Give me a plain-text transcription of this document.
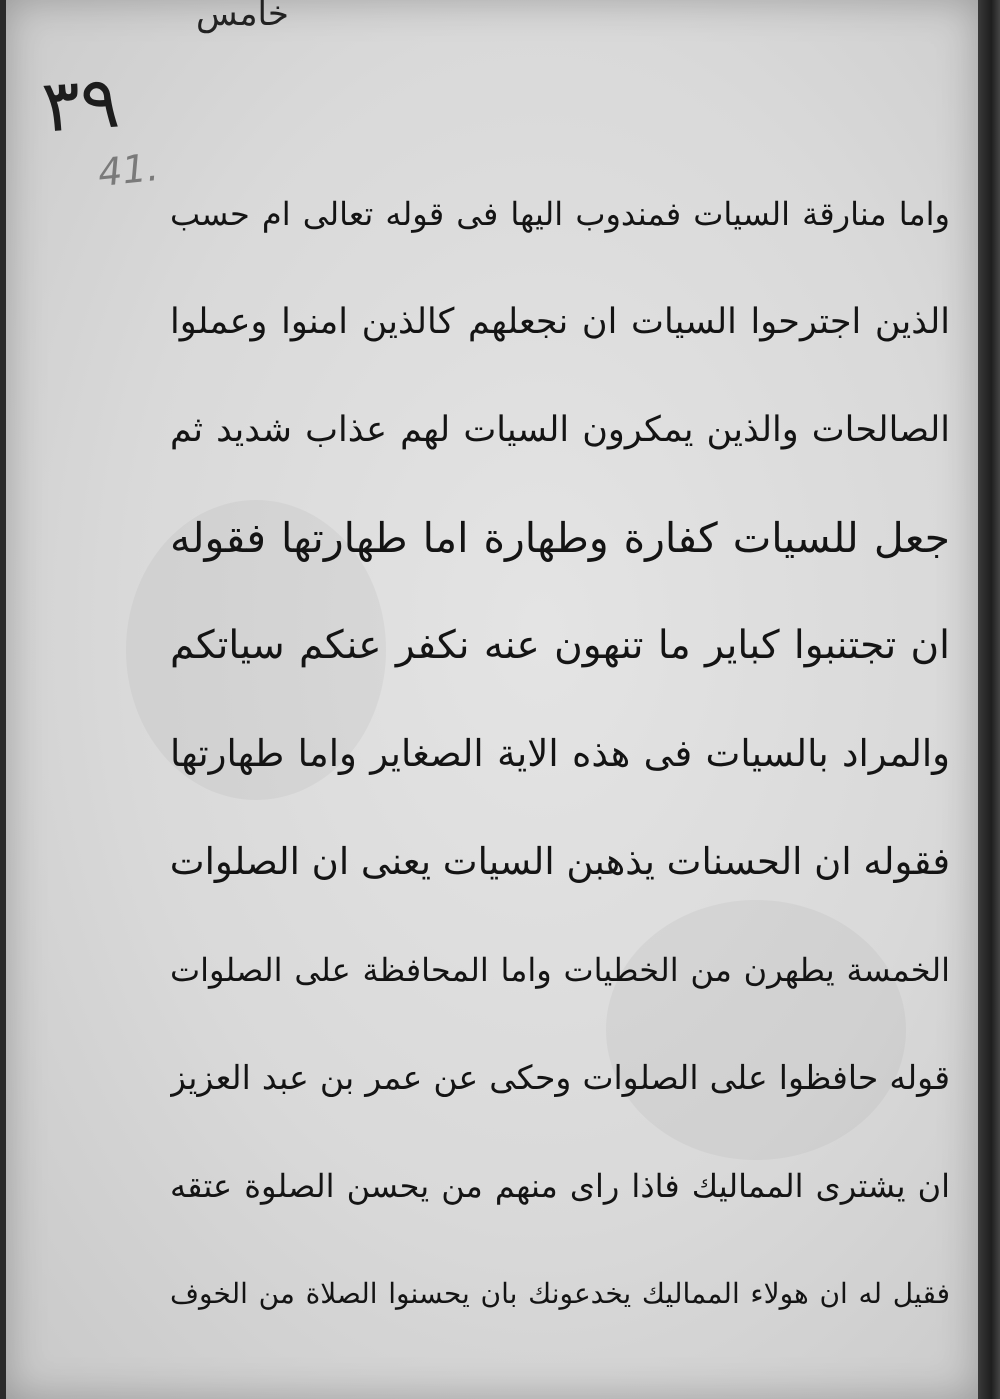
خامس
٣٩
41.
واما منارقة السيات فمندوب اليها فى قوله تعالى ام حسب
الذين اجترحوا السيات ان نجعلهم كالذين امنوا وعملوا
الصالحات والذين يمكرون السيات لهم عذاب شديد ثم
جعل للسيات كفارة وطهارة اما طهارتها فقوله
ان تجتنبوا كباير ما تنهون عنه نكفر عنكم سياتكم
والمراد بالسيات فى هذه الاية الصغاير واما طهارتها
فقوله ان الحسنات يذهبن السيات يعنى ان الصلوات
الخمسة يطهرن من الخطيات واما المحافظة على الصلوات
قوله حافظوا على الصلوات وحكى عن عمر بن عبد العزيز
ان يشترى المماليك فاذا راى منهم من يحسن الصلوة عتقه
فقيل له ان هولاء المماليك يخدعونك بان يحسنوا الصلاة من الخوف
